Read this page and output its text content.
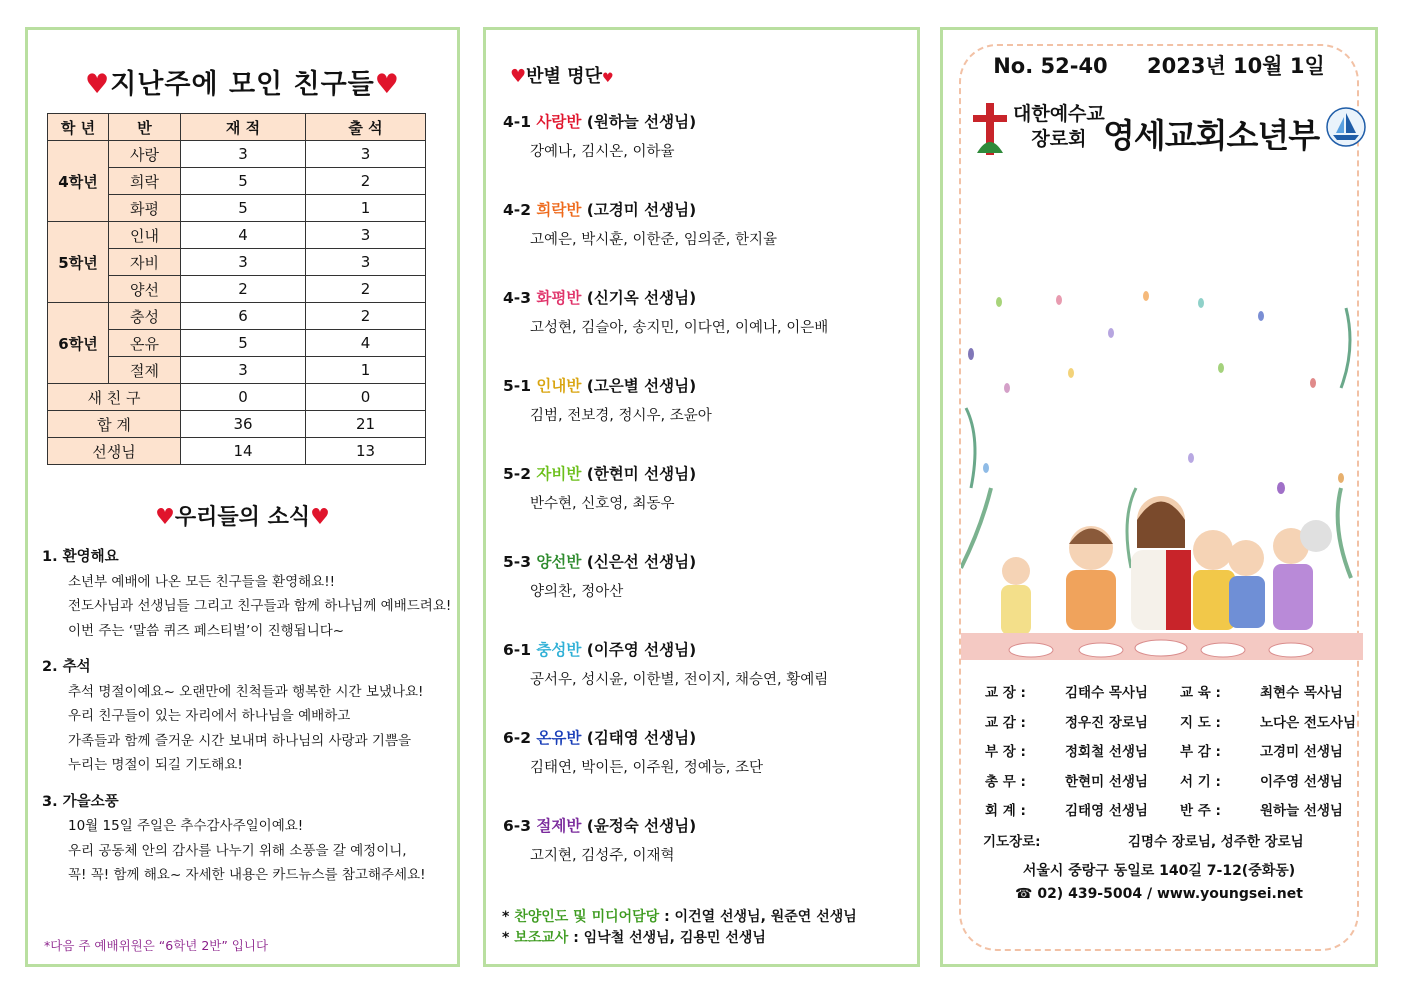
♥지난주에 모인 친구들♥
학 년	반	재 적	출 석
4학년	사랑	3	3
	희락	5	2
	화평	5	1
5학년	인내	4	3
	자비	3	3
	양선	2	2
6학년	충성	6	2
	온유	5	4
	절제	3	1
새 친 구		0	0
합 계		36	21
선생님		14	13
♥우리들의 소식♥
1. 환영해요
소년부 예배에 나온 모든 친구들을 환영해요!!
전도사님과 선생님들 그리고 친구들과 함께 하나님께 예배드려요!
이번 주는 ‘말씀 퀴즈 페스티벌’이 진행됩니다~
2. 추석
추석 명절이예요~ 오랜만에 친척들과 행복한 시간 보냈나요!
우리 친구들이 있는 자리에서 하나님을 예배하고
가족들과 함께 즐거운 시간 보내며 하나님의 사랑과 기쁨을
누리는 명절이 되길 기도해요!
3. 가을소풍
10월 15일 주일은 추수감사주일이예요!
우리 공동체 안의 감사를 나누기 위해 소풍을 갈 예정이니,
꼭! 꼭! 함께 해요~ 자세한 내용은 카드뉴스를 참고해주세요!
*다음 주 예배위원은 “6학년 2반” 입니다
♥반별 명단♥
4-1 사랑반 (원하늘 선생님)
강예나, 김시온, 이하율
4-2 희락반 (고경미 선생님)
고예은, 박시훈, 이한준, 임의준, 한지율
4-3 화평반 (신기옥 선생님)
고성현, 김슬아, 송지민, 이다연, 이예나, 이은배
5-1 인내반 (고은별 선생님)
김범, 전보경, 정시우, 조윤아
5-2 자비반 (한현미 선생님)
반수현, 신호영, 최동우
5-3 양선반 (신은선 선생님)
양의찬, 정아산
6-1 충성반 (이주영 선생님)
공서우, 성시윤, 이한별, 전이지, 채승연, 황예림
6-2 온유반 (김태영 선생님)
김태연, 박이든, 이주원, 정예능, 조단
6-3 절제반 (윤정숙 선생님)
고지현, 김성주, 이재혁
* 찬양인도 및 미디어담당 : 이건열 선생님, 원준연 선생님
* 보조교사 : 임낙철 선생님, 김용민 선생님
No. 52-40 2023년 10월 1일
대한예수교
장로회 영세교회소년부
교 장 :	김태수 목사님 교 육 :	최현수 목사님
교 감 :	정우진 장로님 지 도 :	노다은 전도사님
부 장 :	정회철 선생님 부 감 :	고경미 선생님
총 무 :	한현미 선생님 서 기 :	이주영 선생님
회 계 :	김태영 선생님 반 주 :	원하늘 선생님
기도장로:	김명수 장로님, 성주한 장로님
서울시 중랑구 동일로 140길 7-12(중화동)
☎ 02) 439-5004 / www.youngsei.net
